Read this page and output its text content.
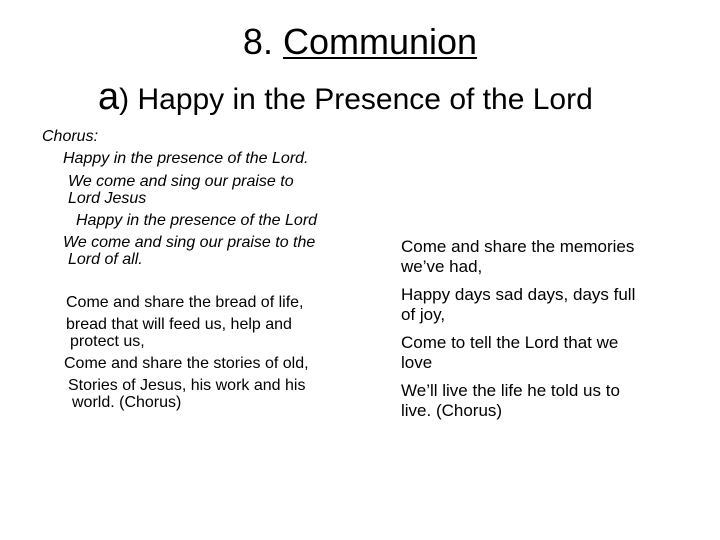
8. Communion
a) Happy in the Presence of the Lord
Chorus:
Happy in the presence of the Lord.
We come and sing our praise to
Lord Jesus
Happy in the presence of the Lord
We come and sing our praise to the
Lord of all.
Come and share the bread of life,
bread that will feed us, help and
protect us,
Come and share the stories of old,
Stories of Jesus, his work and his
world. (Chorus)
Come and share the memories
we’ve had,
Happy days sad days, days full
of joy,
Come to tell the Lord that we
love
We’ll live the life he told us to
live. (Chorus)
